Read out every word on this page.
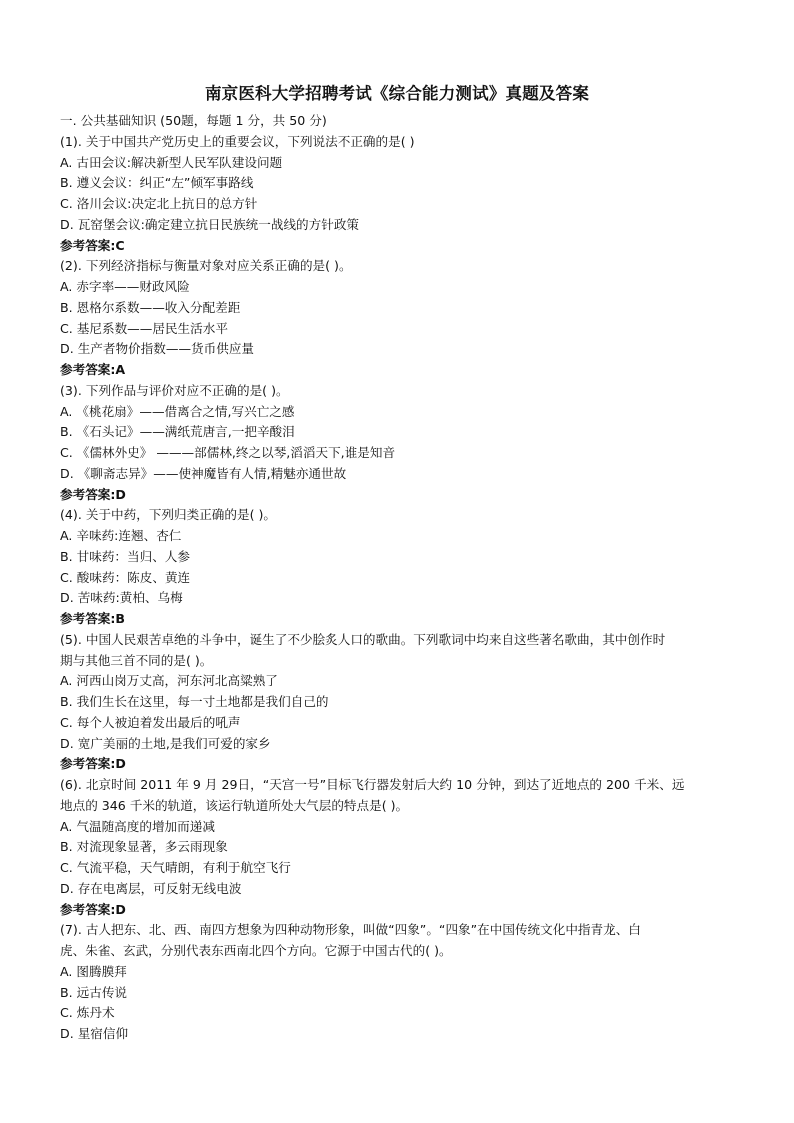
南京医科大学招聘考试《综合能力测试》真题及答案
一. 公共基础知识 (50题，每题 1 分，共 50 分)
(1). 关于中国共产党历史上的重要会议，下列说法不正确的是( )
A. 古田会议:解决新型人民军队建设问题
B. 遵义会议：纠正“左”倾军事路线
C. 洛川会议:决定北上抗日的总方针
D. 瓦窑堡会议:确定建立抗日民族统一战线的方针政策
参考答案:C
(2). 下列经济指标与衡量对象对应关系正确的是( )。
A. 赤字率——财政风险
B. 恩格尔系数——收入分配差距
C. 基尼系数——居民生活水平
D. 生产者物价指数——货币供应量
参考答案:A
(3). 下列作品与评价对应不正确的是( )。
A. 《桃花扇》——借离合之情,写兴亡之感
B. 《石头记》——满纸荒唐言,一把辛酸泪
C. 《儒林外史》 ———部儒林,终之以琴,滔滔天下,谁是知音
D. 《聊斋志异》——使神魔皆有人情,精魅亦通世故
参考答案:D
(4). 关于中药，下列归类正确的是( )。
A. 辛味药:连翘、杏仁
B. 甘味药：当归、人参
C. 酸味药：陈皮、黄连
D. 苦味药:黄柏、乌梅
参考答案:B
(5). 中国人民艰苦卓绝的斗争中，诞生了不少脍炙人口的歌曲。下列歌词中均来自这些著名歌曲，其中创作时
期与其他三首不同的是( )。
A. 河西山岗万丈高，河东河北高粱熟了
B. 我们生长在这里，每一寸土地都是我们自己的
C. 每个人被迫着发出最后的吼声
D. 宽广美丽的土地,是我们可爱的家乡
参考答案:D
(6). 北京时间 2011 年 9 月 29日，“天宫一号”目标飞行器发射后大约 10 分钟，到达了近地点的 200 千米、远
地点的 346 千米的轨道，该运行轨道所处大气层的特点是( )。
A. 气温随高度的增加而递减
B. 对流现象显著，多云雨现象
C. 气流平稳，天气晴朗，有利于航空飞行
D. 存在电离层，可反射无线电波
参考答案:D
(7). 古人把东、北、西、南四方想象为四种动物形象，叫做“四象”。“四象”在中国传统文化中指青龙、白
虎、朱雀、玄武，分别代表东西南北四个方向。它源于中国古代的( )。
A. 图腾膜拜
B. 远古传说
C. 炼丹术
D. 星宿信仰
